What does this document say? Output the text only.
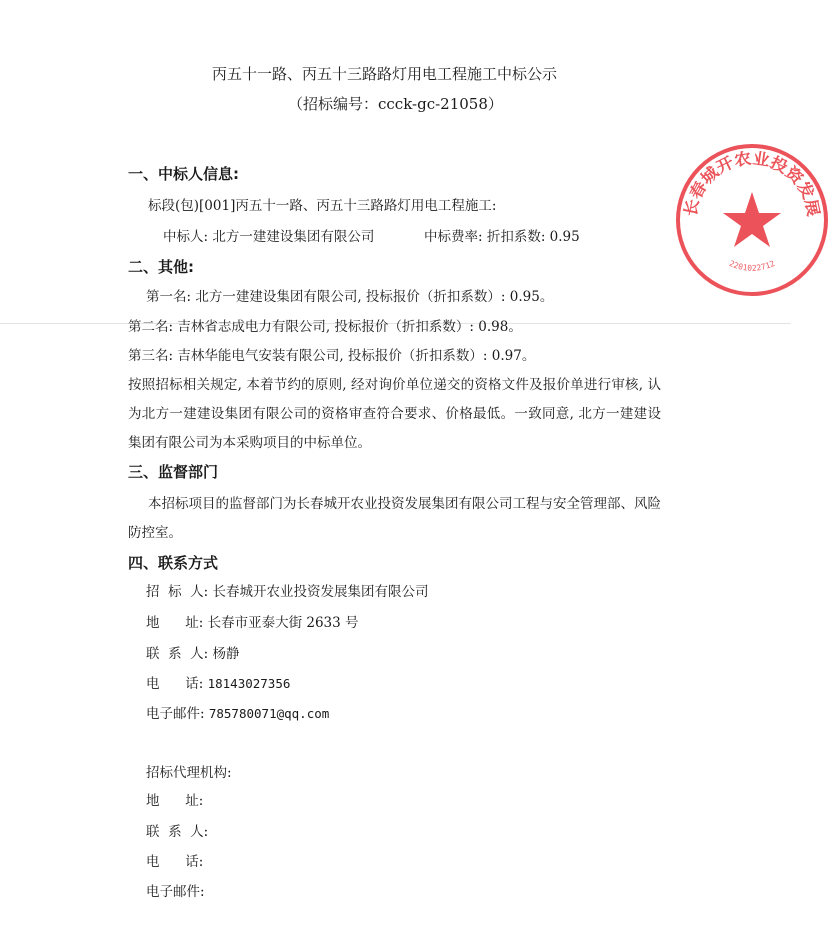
丙五十一路、丙五十三路路灯用电工程施工中标公示
（招标编号：ccck-gc-21058）
一、中标人信息:
标段(包)[001]丙五十一路、丙五十三路路灯用电工程施工:
中标人: 北方一建建设集团有限公司	中标费率: 折扣系数: 0.95
二、其他:
第一名: 北方一建建设集团有限公司, 投标报价（折扣系数）: 0.95。
第二名: 吉林省志成电力有限公司, 投标报价（折扣系数）: 0.98。
第三名: 吉林华能电气安装有限公司, 投标报价（折扣系数）: 0.97。
按照招标相关规定, 本着节约的原则, 经对询价单位递交的资格文件及报价单进行审核, 认为北方一建建设集团有限公司的资格审查符合要求、价格最低。一致同意, 北方一建建设集团有限公司为本采购项目的中标单位。
三、监督部门
本招标项目的监督部门为长春城开农业投资发展集团有限公司工程与安全管理部、风险防控室。
四、联系方式
招  标  人: 长春城开农业投资发展集团有限公司
地      址: 长春市亚泰大街 2633 号
联  系  人: 杨静
电      话: 18143027356
电子邮件: 785780071@qq.com
招标代理机构:
地      址:
联  系  人:
电      话:
电子邮件:
长春城开农业投资发展
2201022712
